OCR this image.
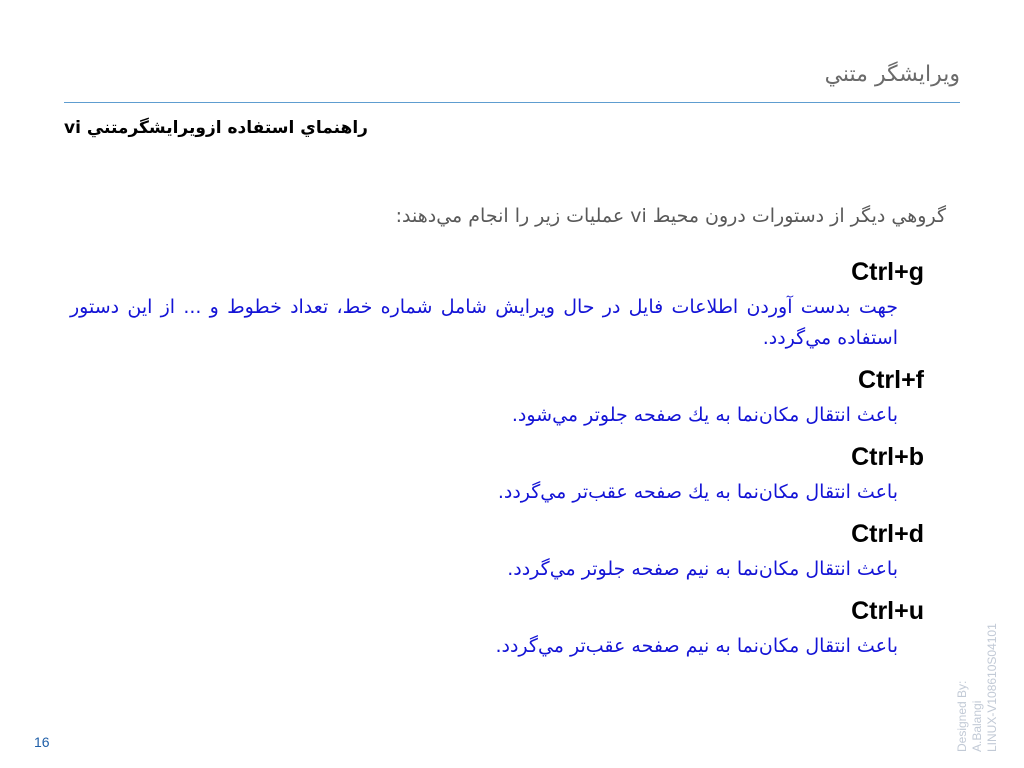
ويرايشگر متني
راهنماي استفاده ازويرايشگرمتني vi
گروهي ديگر از دستورات درون محيط vi عمليات زير را انجام مي‌دهند:
Ctrl+g
جهت بدست آوردن اطلاعات فايل در حال ويرايش شامل شماره خط، تعداد خطوط و ... از اين دستور استفاده مي‌گردد.
Ctrl+f
باعث انتقال مكان‌نما به يك صفحه جلوتر مي‌شود.
Ctrl+b
باعث انتقال مكان‌نما به يك صفحه عقب‌تر مي‌گردد.
Ctrl+d
باعث انتقال مكان‌نما به نيم صفحه جلوتر مي‌گردد.
Ctrl+u
باعث انتقال مكان‌نما به نيم صفحه عقب‌تر مي‌گردد.
16	Designed By: A.Balangi LINUX-V108610S04101
